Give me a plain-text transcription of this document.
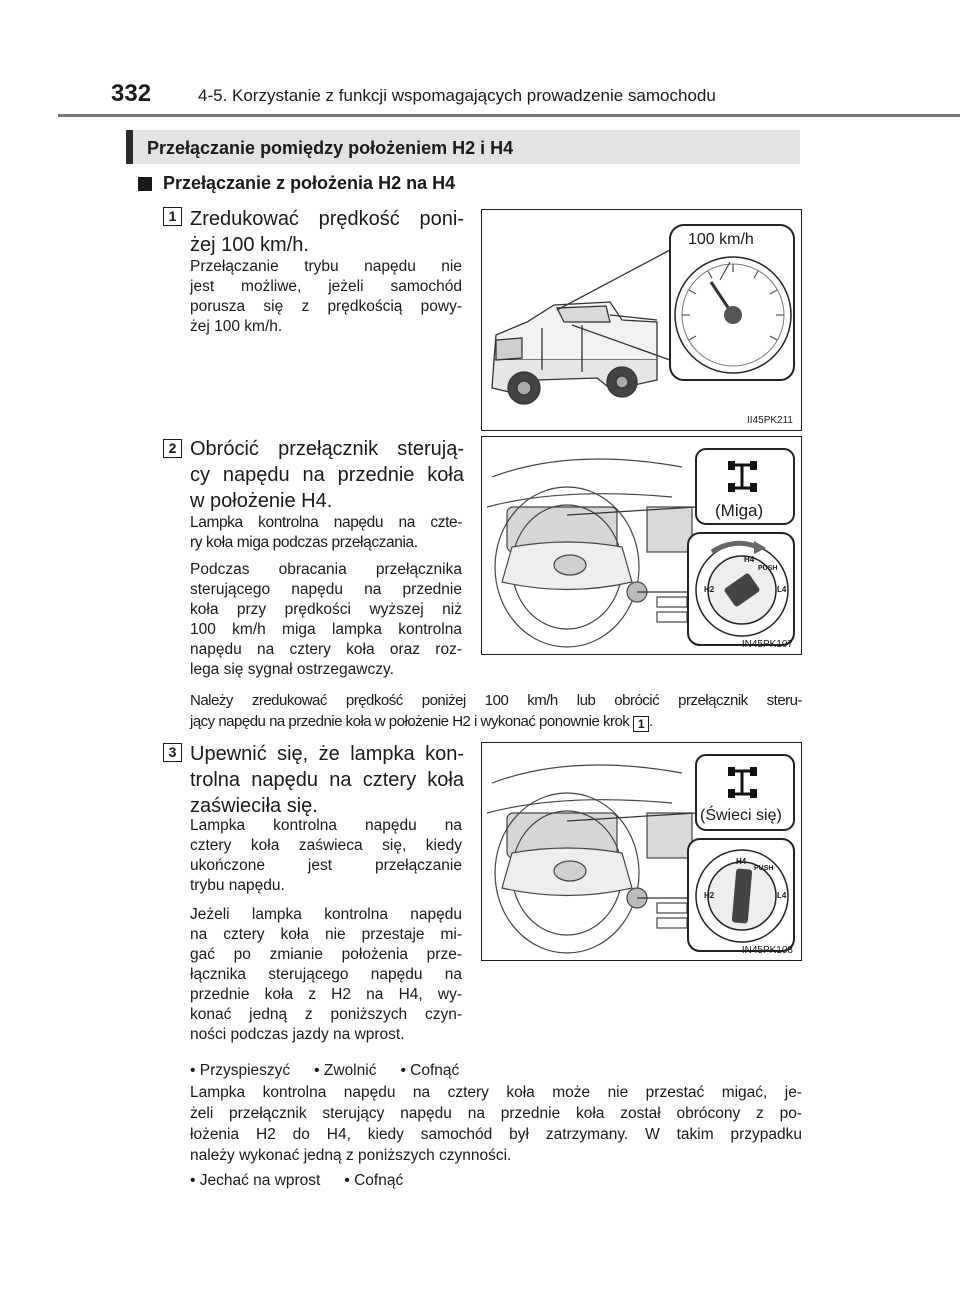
332	4-5. Korzystanie z funkcji wspomagających prowadzenie samochodu
Przełączanie pomiędzy położeniem H2 i H4
Przełączanie z położenia H2 na H4
1 Zredukować prędkość poni-
żej 100 km/h.
Przełączanie trybu napędu nie
jest możliwe, jeżeli samochód
porusza się z prędkością powy-
żej 100 km/h.
100 km/h
II45PK211
2 Obrócić przełącznik sterują-
cy napędu na przednie koła
w położenie H4.
Lampka kontrolna napędu na czte-
ry koła miga podczas przełączania.
Podczas obracania przełącznika
sterującego napędu na przednie
koła przy prędkości wyższej niż
100 km/h miga lampka kontrolna
napędu na cztery koła oraz roz-
lega się sygnał ostrzegawczy.
(Miga)
H2
H4
PUSH
L4
IN45PK107
Należy zredukować prędkość poniżej 100 km/h lub obrócić przełącznik steru-
jący napędu na przednie koła w położenie H2 i wykonać ponownie krok 1 .
3 Upewnić się, że lampka kon-
trolna napędu na cztery koła
zaświeciła się.
Lampka kontrolna napędu na
cztery koła zaświeca się, kiedy
ukończone jest przełączanie
trybu napędu.
Jeżeli lampka kontrolna napędu
na cztery koła nie przestaje mi-
gać po zmianie położenia prze-
łącznika sterującego napędu na
przednie koła z H2 na H4, wy-
konać jedną z poniższych czyn-
ności podczas jazdy na wprost.
(Świeci się)
H2
H4
PUSH
L4
IN45PK108
• Przyspieszyć • Zwolnić • Cofnąć
Lampka kontrolna napędu na cztery koła może nie przestać migać, je-
żeli przełącznik sterujący napędu na przednie koła został obrócony z po-
łożenia H2 do H4, kiedy samochód był zatrzymany. W takim przypadku
należy wykonać jedną z poniższych czynności.
• Jechać na wprost • Cofnąć
